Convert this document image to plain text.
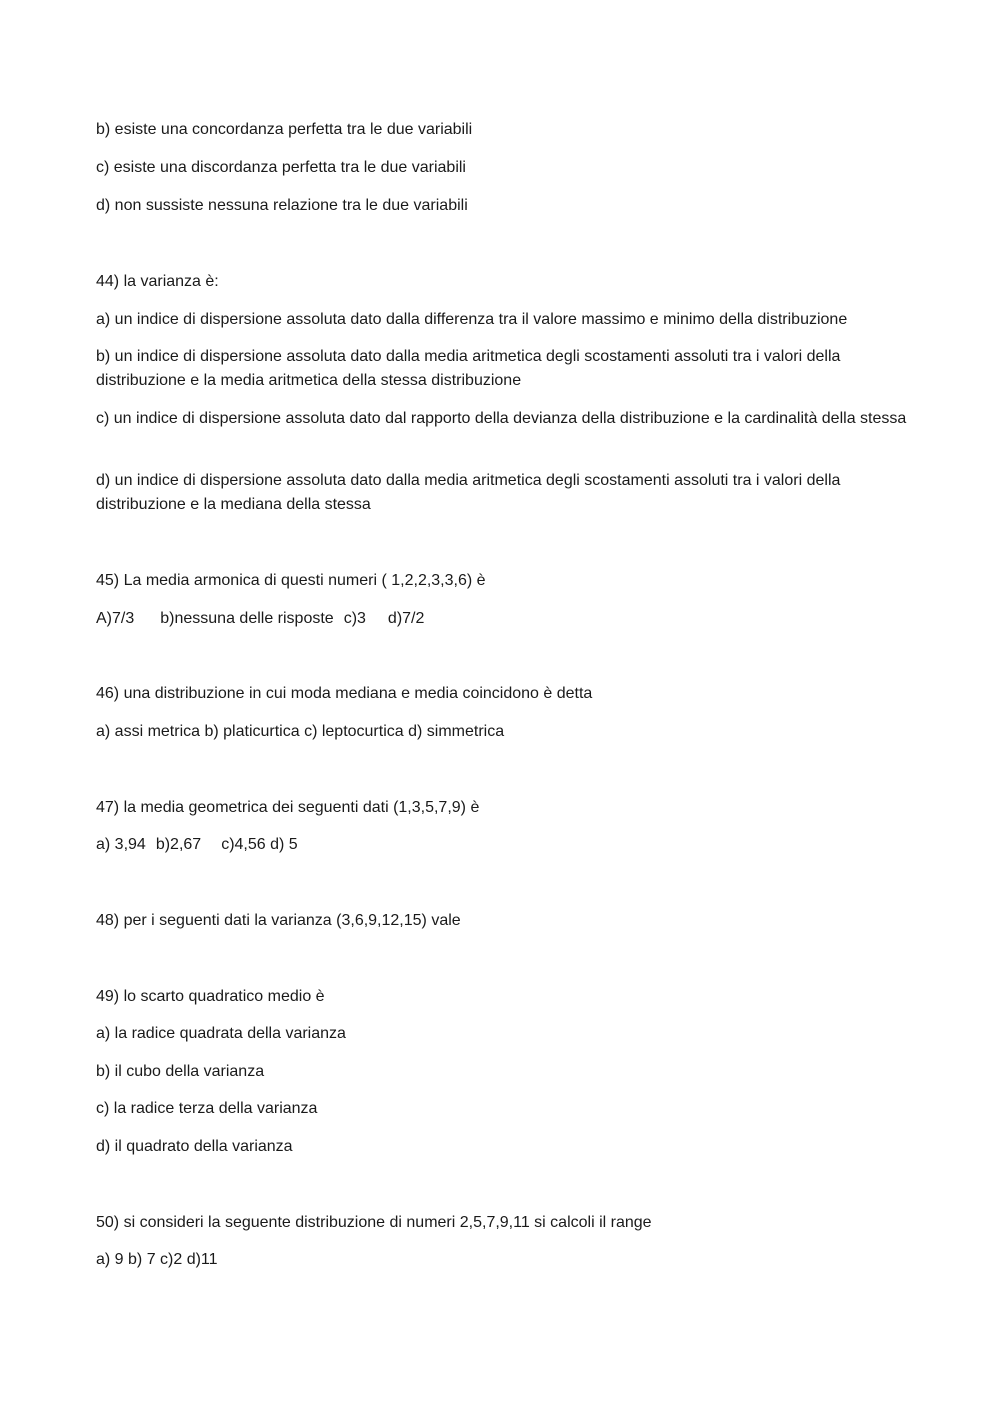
b) esiste una concordanza perfetta tra le due variabili
c) esiste una discordanza perfetta tra le due variabili
d) non sussiste nessuna relazione tra le due variabili
44) la varianza è:
a) un indice di dispersione assoluta dato dalla differenza tra il valore massimo e minimo della distribuzione
b) un indice di dispersione assoluta dato dalla media aritmetica degli scostamenti assoluti tra i valori della distribuzione e la media aritmetica della stessa distribuzione
c) un indice di dispersione assoluta dato dal rapporto della devianza della distribuzione e la cardinalità della stessa
d) un indice di dispersione assoluta dato dalla media aritmetica degli scostamenti assoluti tra i valori della distribuzione e la mediana della stessa
45) La media armonica di questi numeri ( 1,2,2,3,3,6) è
A)7/3 b)nessuna delle risposte c)3 d)7/2
46) una distribuzione in cui moda mediana e media coincidono è detta
a) assi metrica b) platicurtica c) leptocurtica d) simmetrica
47) la media geometrica dei seguenti dati (1,3,5,7,9) è
a) 3,94 b)2,67 c)4,56 d) 5
48) per i seguenti dati la varianza (3,6,9,12,15) vale
49) lo scarto quadratico medio è
a) la radice quadrata della varianza
b) il cubo della varianza
c) la radice terza della varianza
d) il quadrato della varianza
50) si consideri la seguente distribuzione di numeri 2,5,7,9,11 si calcoli il range
a) 9 b) 7 c)2 d)11
